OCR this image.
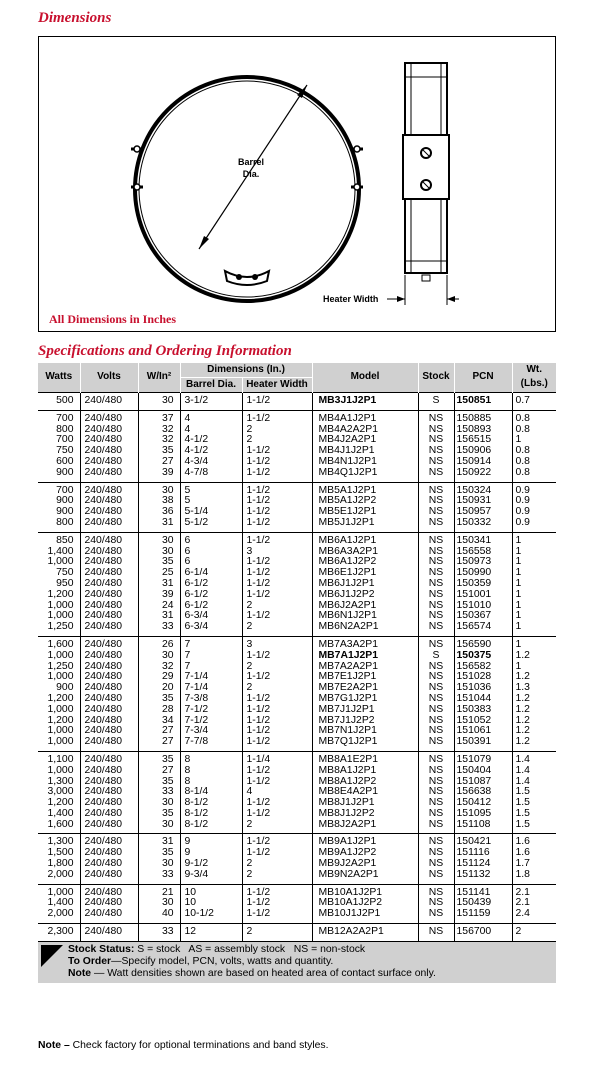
Dimensions
Barrel
Dia.
Heater Width
All Dimensions in Inches
Specifications and Ordering Information
Watts	Volts	W/In²	Dimensions (In.)		Model	Stock	PCN	Wt.
			Barrel Dia.	Heater Width				(Lbs.)
500	240/480	30	3-1/2	1-1/2	MB3J1J2P1	S	150851	0.7
700	240/480	37	4	1-1/2	MB4A1J2P1	NS	150885	0.8
800	240/480	32	4	2	MB4A2A2P1	NS	150893	0.8
700	240/480	32	4-1/2	2	MB4J2A2P1	NS	156515	1
750	240/480	35	4-1/2	1-1/2	MB4J1J2P1	NS	150906	0.8
600	240/480	27	4-3/4	1-1/2	MB4N1J2P1	NS	150914	0.8
900	240/480	39	4-7/8	1-1/2	MB4Q1J2P1	NS	150922	0.8
700	240/480	30	5	1-1/2	MB5A1J2P1	NS	150324	0.9
900	240/480	38	5	1-1/2	MB5A1J2P2	NS	150931	0.9
900	240/480	36	5-1/4	1-1/2	MB5E1J2P1	NS	150957	0.9
800	240/480	31	5-1/2	1-1/2	MB5J1J2P1	NS	150332	0.9
850	240/480	30	6	1-1/2	MB6A1J2P1	NS	150341	1
1,400	240/480	30	6	3	MB6A3A2P1	NS	156558	1
1,000	240/480	35	6	1-1/2	MB6A1J2P2	NS	150973	1
750	240/480	25	6-1/4	1-1/2	MB6E1J2P1	NS	150990	1
950	240/480	31	6-1/2	1-1/2	MB6J1J2P1	NS	150359	1
1,200	240/480	39	6-1/2	1-1/2	MB6J1J2P2	NS	151001	1
1,000	240/480	24	6-1/2	2	MB6J2A2P1	NS	151010	1
1,000	240/480	31	6-3/4	1-1/2	MB6N1J2P1	NS	150367	1
1,250	240/480	33	6-3/4	2	MB6N2A2P1	NS	156574	1
1,600	240/480	26	7	3	MB7A3A2P1	NS	156590	1
1,000	240/480	30	7	1-1/2	MB7A1J2P1	S	150375	1.2
1,250	240/480	32	7	2	MB7A2A2P1	NS	156582	1
1,000	240/480	29	7-1/4	1-1/2	MB7E1J2P1	NS	151028	1.2
900	240/480	20	7-1/4	2	MB7E2A2P1	NS	151036	1.3
1,200	240/480	35	7-3/8	1-1/2	MB7G1J2P1	NS	151044	1.2
1,000	240/480	28	7-1/2	1-1/2	MB7J1J2P1	NS	150383	1.2
1,200	240/480	34	7-1/2	1-1/2	MB7J1J2P2	NS	151052	1.2
1,000	240/480	27	7-3/4	1-1/2	MB7N1J2P1	NS	151061	1.2
1,000	240/480	27	7-7/8	1-1/2	MB7Q1J2P1	NS	150391	1.2
1,100	240/480	35	8	1-1/4	MB8A1E2P1	NS	151079	1.4
1,000	240/480	27	8	1-1/2	MB8A1J2P1	NS	150404	1.4
1,300	240/480	35	8	1-1/2	MB8A1J2P2	NS	151087	1.4
3,000	240/480	33	8-1/4	4	MB8E4A2P1	NS	156638	1.5
1,200	240/480	30	8-1/2	1-1/2	MB8J1J2P1	NS	150412	1.5
1,400	240/480	35	8-1/2	1-1/2	MB8J1J2P2	NS	151095	1.5
1,600	240/480	30	8-1/2	2	MB8J2A2P1	NS	151108	1.5
1,300	240/480	31	9	1-1/2	MB9A1J2P1	NS	150421	1.6
1,500	240/480	35	9	1-1/2	MB9A1J2P2	NS	151116	1.6
1,800	240/480	30	9-1/2	2	MB9J2A2P1	NS	151124	1.7
2,000	240/480	33	9-3/4	2	MB9N2A2P1	NS	151132	1.8
1,000	240/480	21	10	1-1/2	MB10A1J2P1	NS	151141	2.1
1,400	240/480	30	10	1-1/2	MB10A1J2P2	NS	150439	2.1
2,000	240/480	40	10-1/2	1-1/2	MB10J1J2P1	NS	151159	2.4
2,300	240/480	33	12	2	MB12A2A2P1	NS	156700	2
Stock Status: S = stock   AS = assembly stock   NS = non-stock
To Order—Specify model, PCN, volts, watts and quantity.
Note — Watt densities shown are based on heated area of contact surface only.
Note – Check factory for optional terminations and band styles.
